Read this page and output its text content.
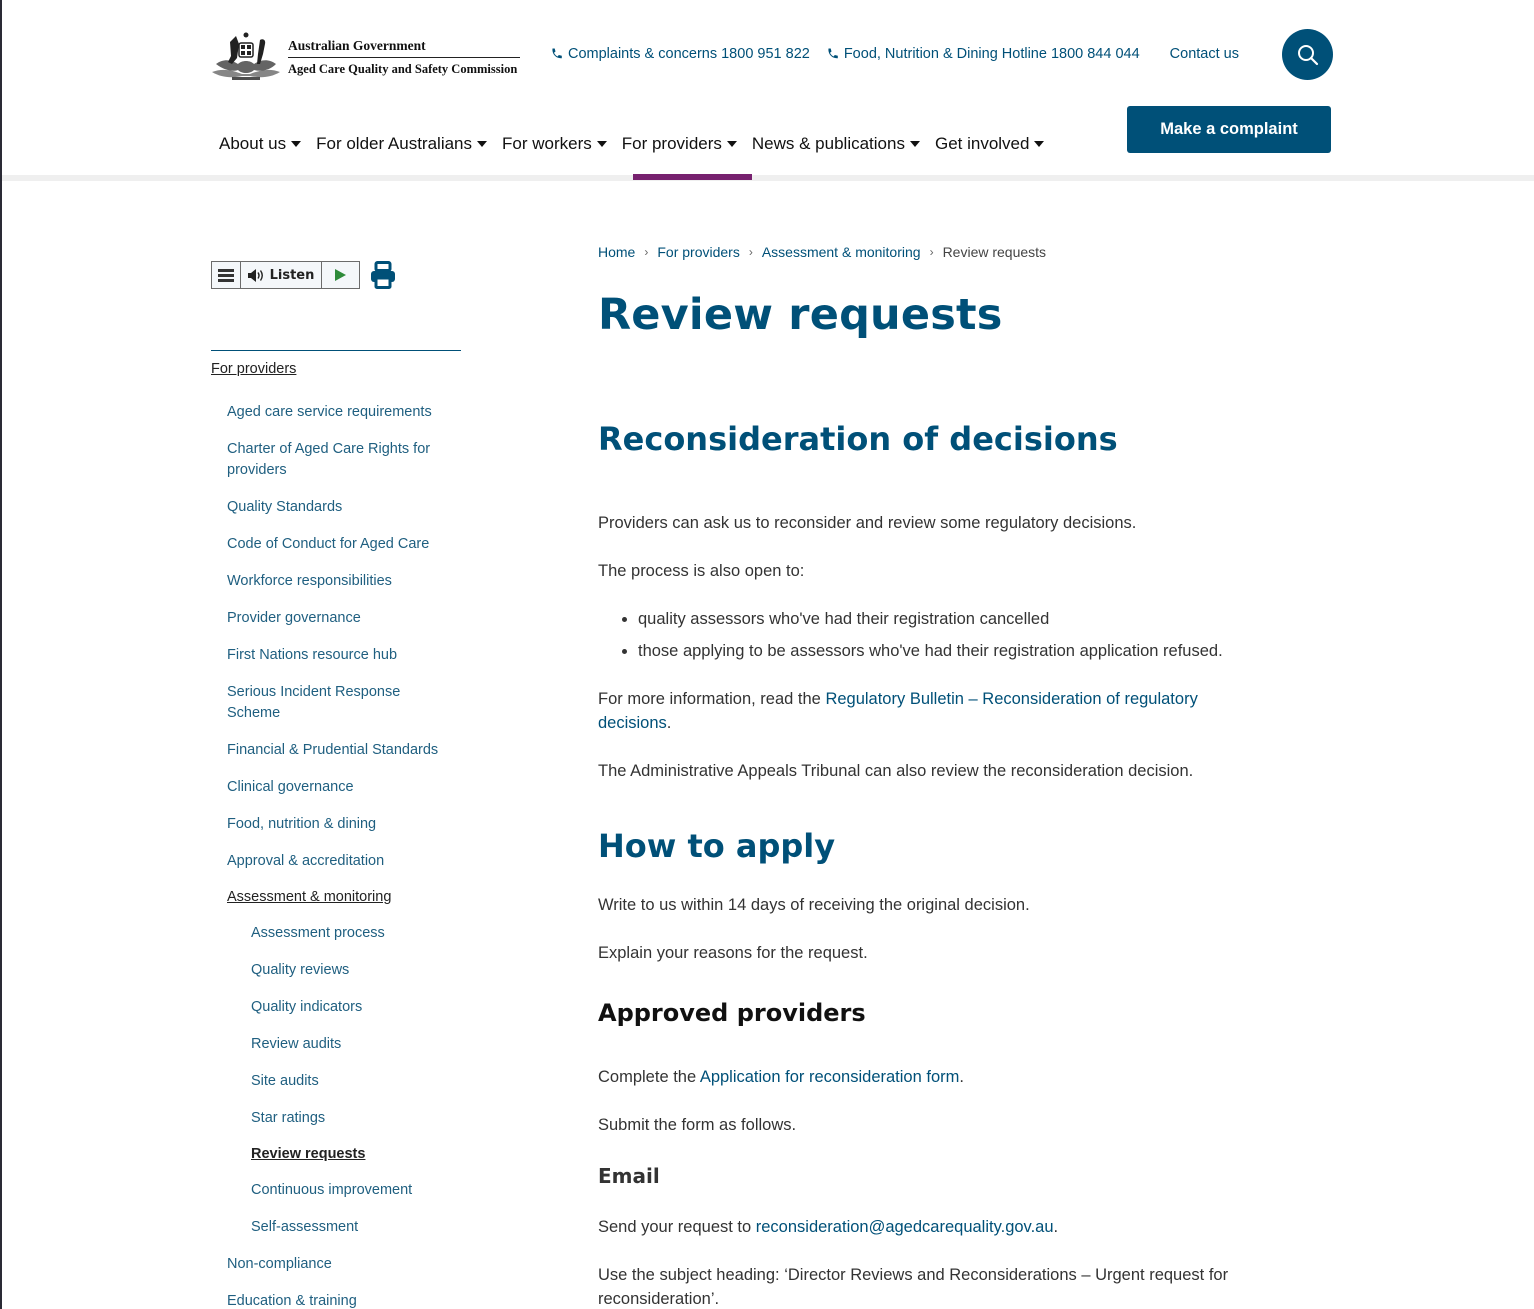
Australian Government
Aged Care Quality and Safety Commission
Complaints & concerns 1800 951 822 Food, Nutrition & Dining Hotline 1800 844 044 Contact us
About us For older Australians For workers For providers News & publications Get involved
Make a complaint
Listen
For providers
Aged care service requirements
Charter of Aged Care Rights for providers
Quality Standards
Code of Conduct for Aged Care
Workforce responsibilities
Provider governance
First Nations resource hub
Serious Incident Response Scheme
Financial & Prudential Standards
Clinical governance
Food, nutrition & dining
Approval & accreditation
Assessment & monitoring
Assessment process
Quality reviews
Quality indicators
Review audits
Site audits
Star ratings
Review requests
Continuous improvement
Self-assessment
Non-compliance
Education & training
Home › For providers › Assessment & monitoring › Review requests
Review requests
Reconsideration of decisions

Providers can ask us to reconsider and review some regulatory decisions.

The process is also open to:

• quality assessors who've had their registration cancelled
• those applying to be assessors who've had their registration application refused.

For more information, read the Regulatory Bulletin – Reconsideration of regulatory decisions.

The Administrative Appeals Tribunal can also review the reconsideration decision.

How to apply

Write to us within 14 days of receiving the original decision.

Explain your reasons for the request.

Approved providers

Complete the Application for reconsideration form.

Submit the form as follows.

Email

Send your request to reconsideration@agedcarequality.gov.au.

Use the subject heading: ‘Director Reviews and Reconsiderations – Urgent request for reconsideration’.
